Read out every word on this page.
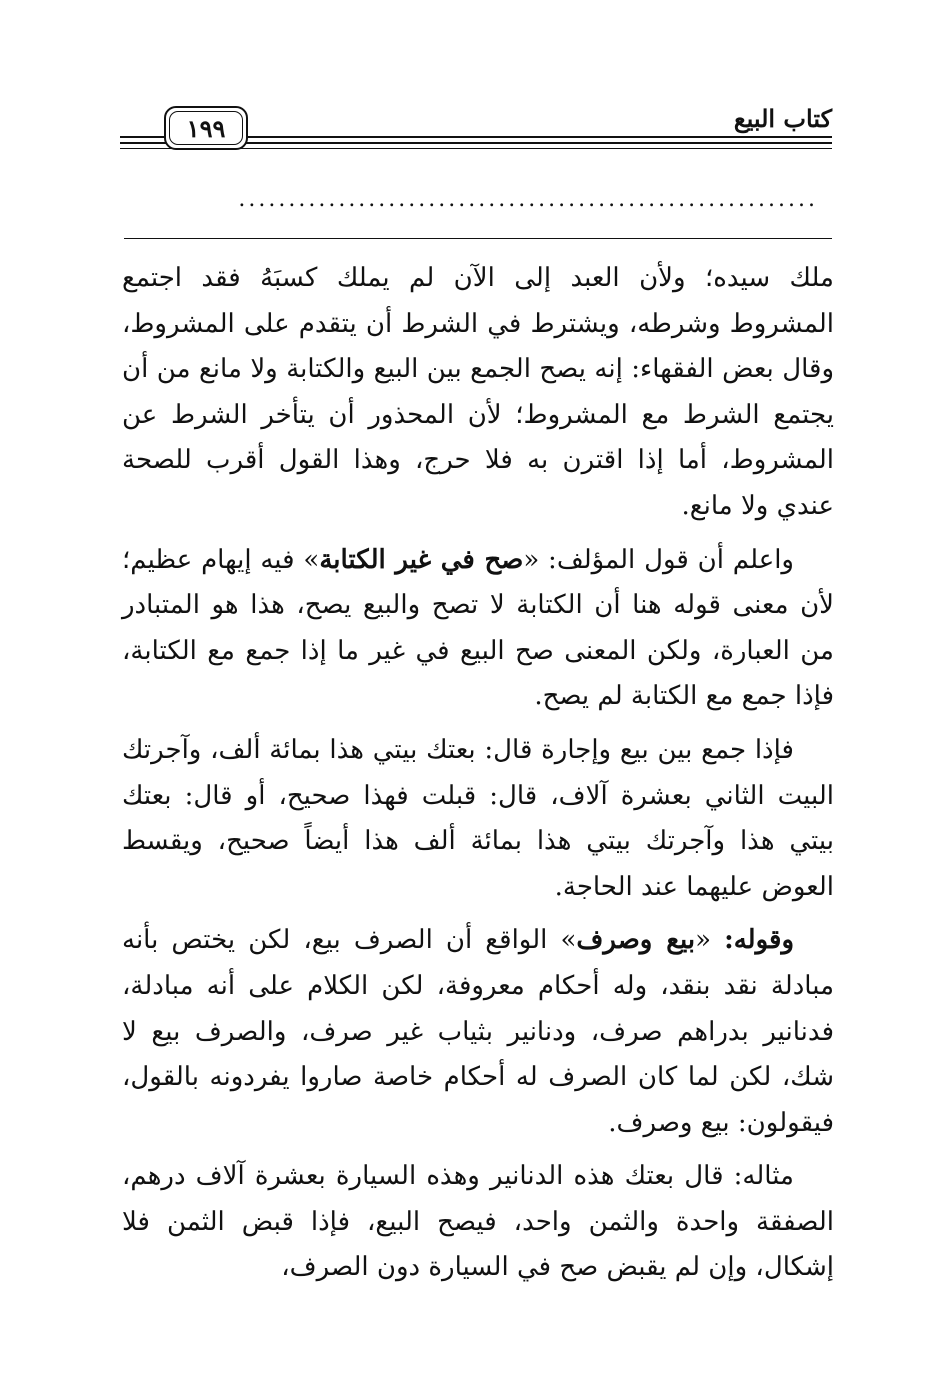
كتاب البيع
١٩٩
..........................................................

ملك سيده؛ ولأن العبد إلى الآن لم يملك كسبَهُ فقد اجتمع المشروط وشرطه، ويشترط في الشرط أن يتقدم على المشروط، وقال بعض الفقهاء: إنه يصح الجمع بين البيع والكتابة ولا مانع من أن يجتمع الشرط مع المشروط؛ لأن المحذور أن يتأخر الشرط عن المشروط، أما إذا اقترن به فلا حرج، وهذا القول أقرب للصحة عندي ولا مانع.

واعلم أن قول المؤلف: «صح في غير الكتابة» فيه إيهام عظيم؛ لأن معنى قوله هنا أن الكتابة لا تصح والبيع يصح، هذا هو المتبادر من العبارة، ولكن المعنى صح البيع في غير ما إذا جمع مع الكتابة، فإذا جمع مع الكتابة لم يصح.

فإذا جمع بين بيع وإجارة قال: بعتك بيتي هذا بمائة ألف، وآجرتك البيت الثاني بعشرة آلاف، قال: قبلت فهذا صحيح، أو قال: بعتك بيتي هذا وآجرتك بيتي هذا بمائة ألف هذا أيضاً صحيح، ويقسط العوض عليهما عند الحاجة.

وقوله: «بيع وصرف» الواقع أن الصرف بيع، لكن يختص بأنه مبادلة نقد بنقد، وله أحكام معروفة، لكن الكلام على أنه مبادلة، فدنانير بدراهم صرف، ودنانير بثياب غير صرف، والصرف بيع لا شك، لكن لما كان الصرف له أحكام خاصة صاروا يفردونه بالقول، فيقولون: بيع وصرف.

مثاله: قال بعتك هذه الدنانير وهذه السيارة بعشرة آلاف درهم، الصفقة واحدة والثمن واحد، فيصح البيع، فإذا قبض الثمن فلا إشكال، وإن لم يقبض صح في السيارة دون الصرف،
